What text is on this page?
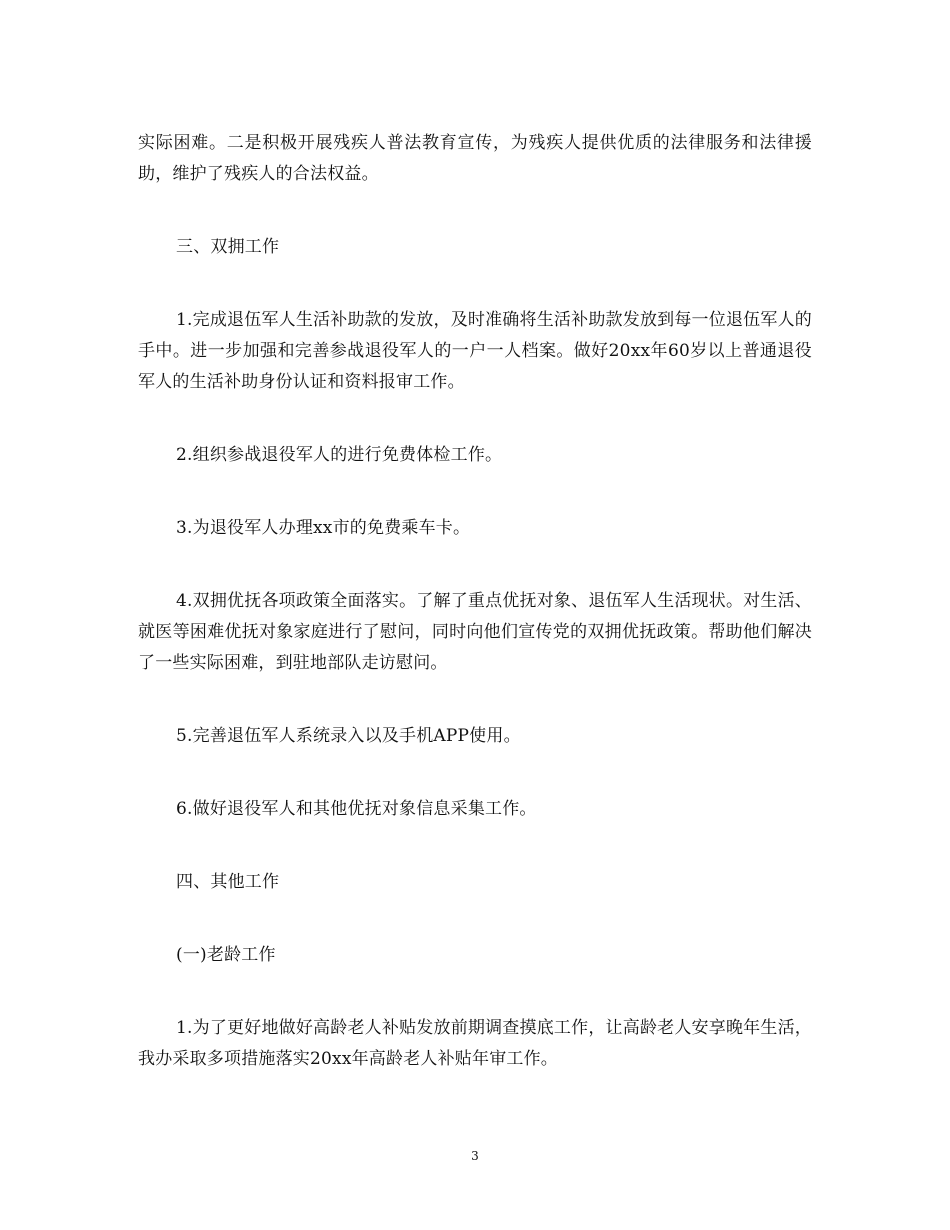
实际困难。二是积极开展残疾人普法教育宣传，为残疾人提供优质的法律服务和法律援助，维护了残疾人的合法权益。

三、双拥工作

1.完成退伍军人生活补助款的发放，及时准确将生活补助款发放到每一位退伍军人的手中。进一步加强和完善参战退役军人的一户一人档案。做好20xx年60岁以上普通退役军人的生活补助身份认证和资料报审工作。

2.组织参战退役军人的进行免费体检工作。

3.为退役军人办理xx市的免费乘车卡。

4.双拥优抚各项政策全面落实。了解了重点优抚对象、退伍军人生活现状。对生活、就医等困难优抚对象家庭进行了慰问，同时向他们宣传党的双拥优抚政策。帮助他们解决了一些实际困难，到驻地部队走访慰问。

5.完善退伍军人系统录入以及手机APP使用。

6.做好退役军人和其他优抚对象信息采集工作。

四、其他工作

(一)老龄工作

1.为了更好地做好高龄老人补贴发放前期调查摸底工作，让高龄老人安享晚年生活，我办采取多项措施落实20xx年高龄老人补贴年审工作。

3
